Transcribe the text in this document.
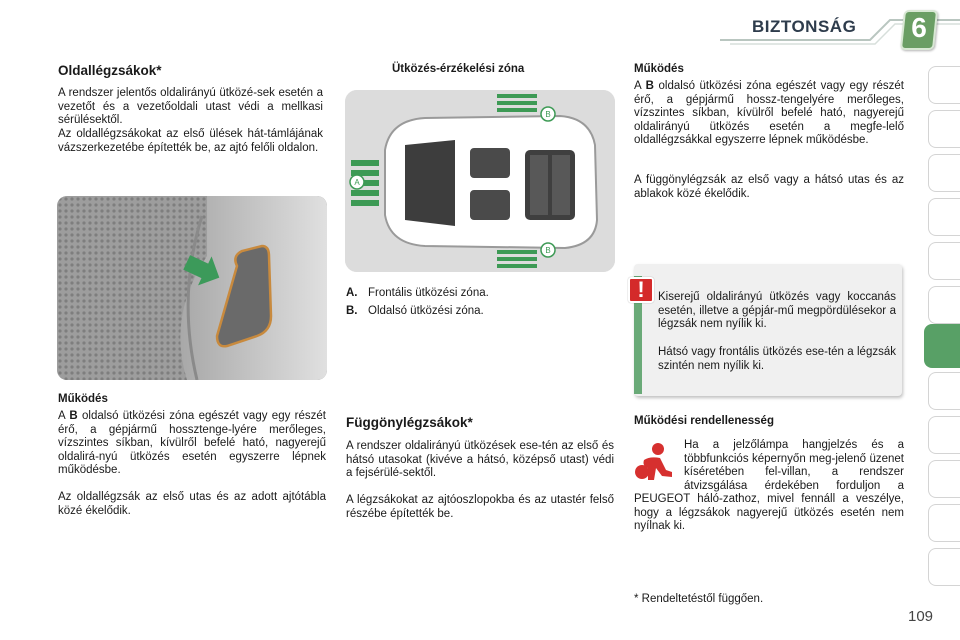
BIZTONSÁG 6
Oldallégzsákok*

A rendszer jelentős oldalirányú ütközé-sek esetén a vezetőt és a vezetőoldali utast védi a mellkasi sérülésektől.

Az oldallégzsákokat az első ülések hát-támlájának vázszerkezetébe építették be, az ajtó felőli oldalon.

Működés

A B oldalsó ütközési zóna egészét vagy egy részét érő, a gépjármű hossztenge-lyére merőleges, vízszintes síkban, kívülről befelé ható, nagyerejű oldalirá-nyú ütközés esetén egyszerre lépnek működésbe.

Az oldallégzsák az első utas és az adott ajtótábla közé ékelődik.

Ütközés-érzékelési zóna
A
B
B
A. Frontális ütközési zóna.
B. Oldalsó ütközési zóna.
Függönylégzsákok*

A rendszer oldalirányú ütközések ese-tén az első és hátsó utasokat (kivéve a hátsó, középső utast) védi a fejsérülé-sektől.

A légzsákokat az ajtóoszlopokba és az utastér felső részébe építették be.

Működés

A B oldalsó ütközési zóna egészét vagy egy részét érő, a gépjármű hossz-tengelyére merőleges, vízszintes síkban, kívülről befelé ható, nagyerejű oldalirányú ütközés esetén a megfe-lelő oldallégzsákkal egyszerre lépnek működésbe.

A függönylégzsák az első vagy a hátsó utas és az ablakok közé ékelődik.

!	Kiserejű oldalirányú ütközés vagy koccanás esetén, illetve a gépjár-mű megpördülésekor a légzsák nem nyílik ki.

Hátsó vagy frontális ütközés ese-tén a légzsák szintén nem nyílik ki.

Működési rendellenesség

Ha a jelzőlámpa hangjelzés és a többfunkciós képernyőn meg-jelenő üzenet kíséretében fel-villan, a rendszer átvizsgálása érdekében forduljon a PEUGEOT háló-zathoz, mivel fennáll a veszélye, hogy a légzsákok nagyerejű ütközés esetén nem nyílnak ki.

* Rendeltetéstől függően.
109
